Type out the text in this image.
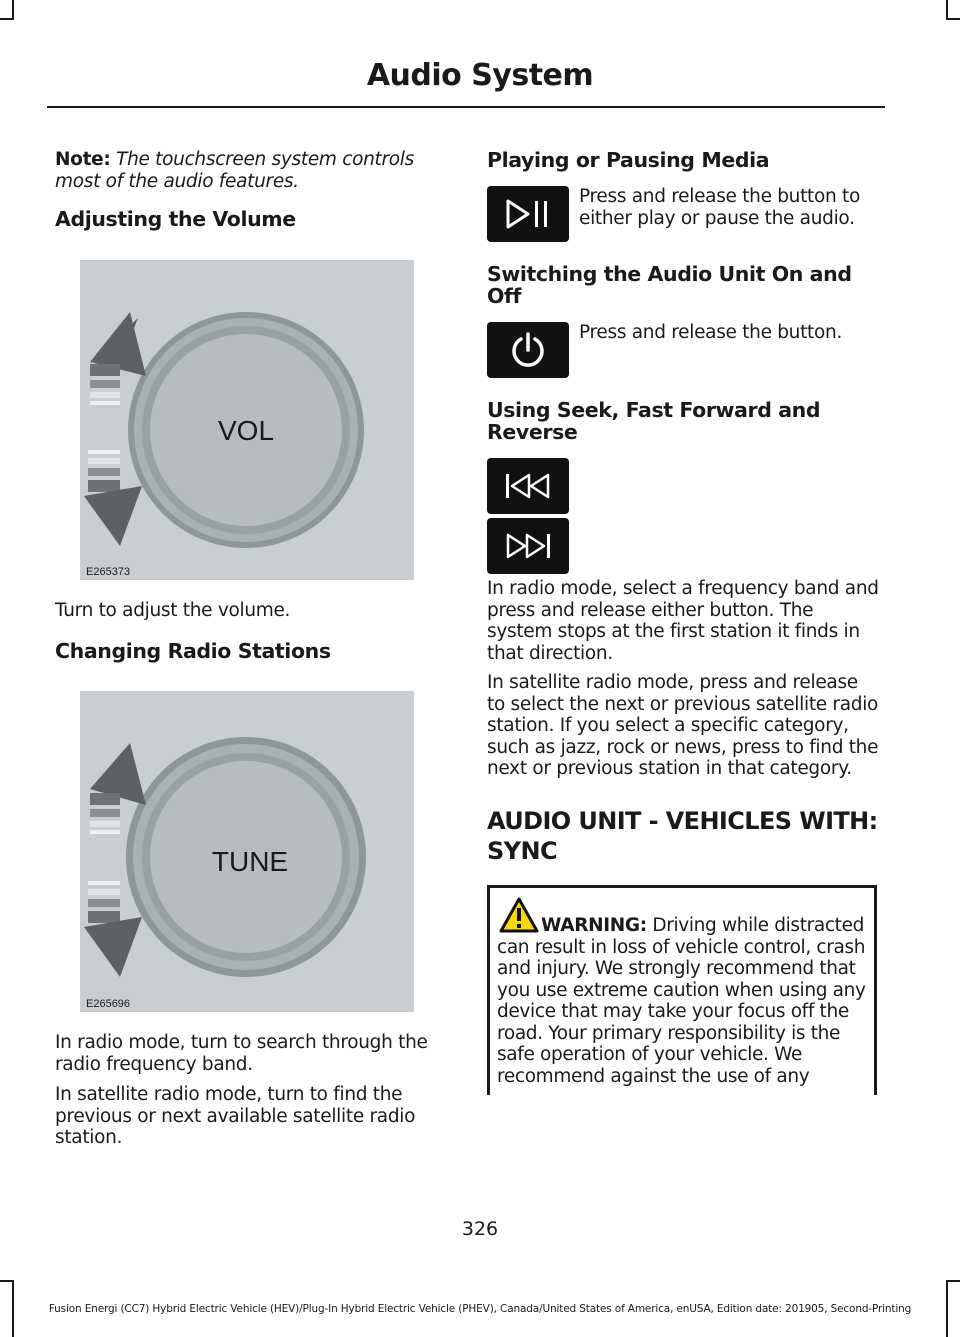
Audio System

Note: The touchscreen system controls most of the audio features.

Adjusting the Volume
VOL
E265373

Turn to adjust the volume.

Changing Radio Stations
TUNE
E265696

In radio mode, turn to search through the radio frequency band.

In satellite radio mode, turn to find the previous or next available satellite radio station.

Playing or Pausing Media

Press and release the button to either play or pause the audio.

Switching the Audio Unit On and Off

Press and release the button.

Using Seek, Fast Forward and Reverse

In radio mode, select a frequency band and press and release either button. The system stops at the first station it finds in that direction.

In satellite radio mode, press and release to select the next or previous satellite radio station. If you select a specific category, such as jazz, rock or news, press to find the next or previous station in that category.

AUDIO UNIT - VEHICLES WITH:
SYNC
WARNING: Driving while distracted can result in loss of vehicle control, crash and injury. We strongly recommend that you use extreme caution when using any device that may take your focus off the road. Your primary responsibility is the safe operation of your vehicle. We recommend against the use of any
326
Fusion Energi (CC7) Hybrid Electric Vehicle (HEV)/Plug-In Hybrid Electric Vehicle (PHEV), Canada/United States of America, enUSA, Edition date: 201905, Second-Printing
